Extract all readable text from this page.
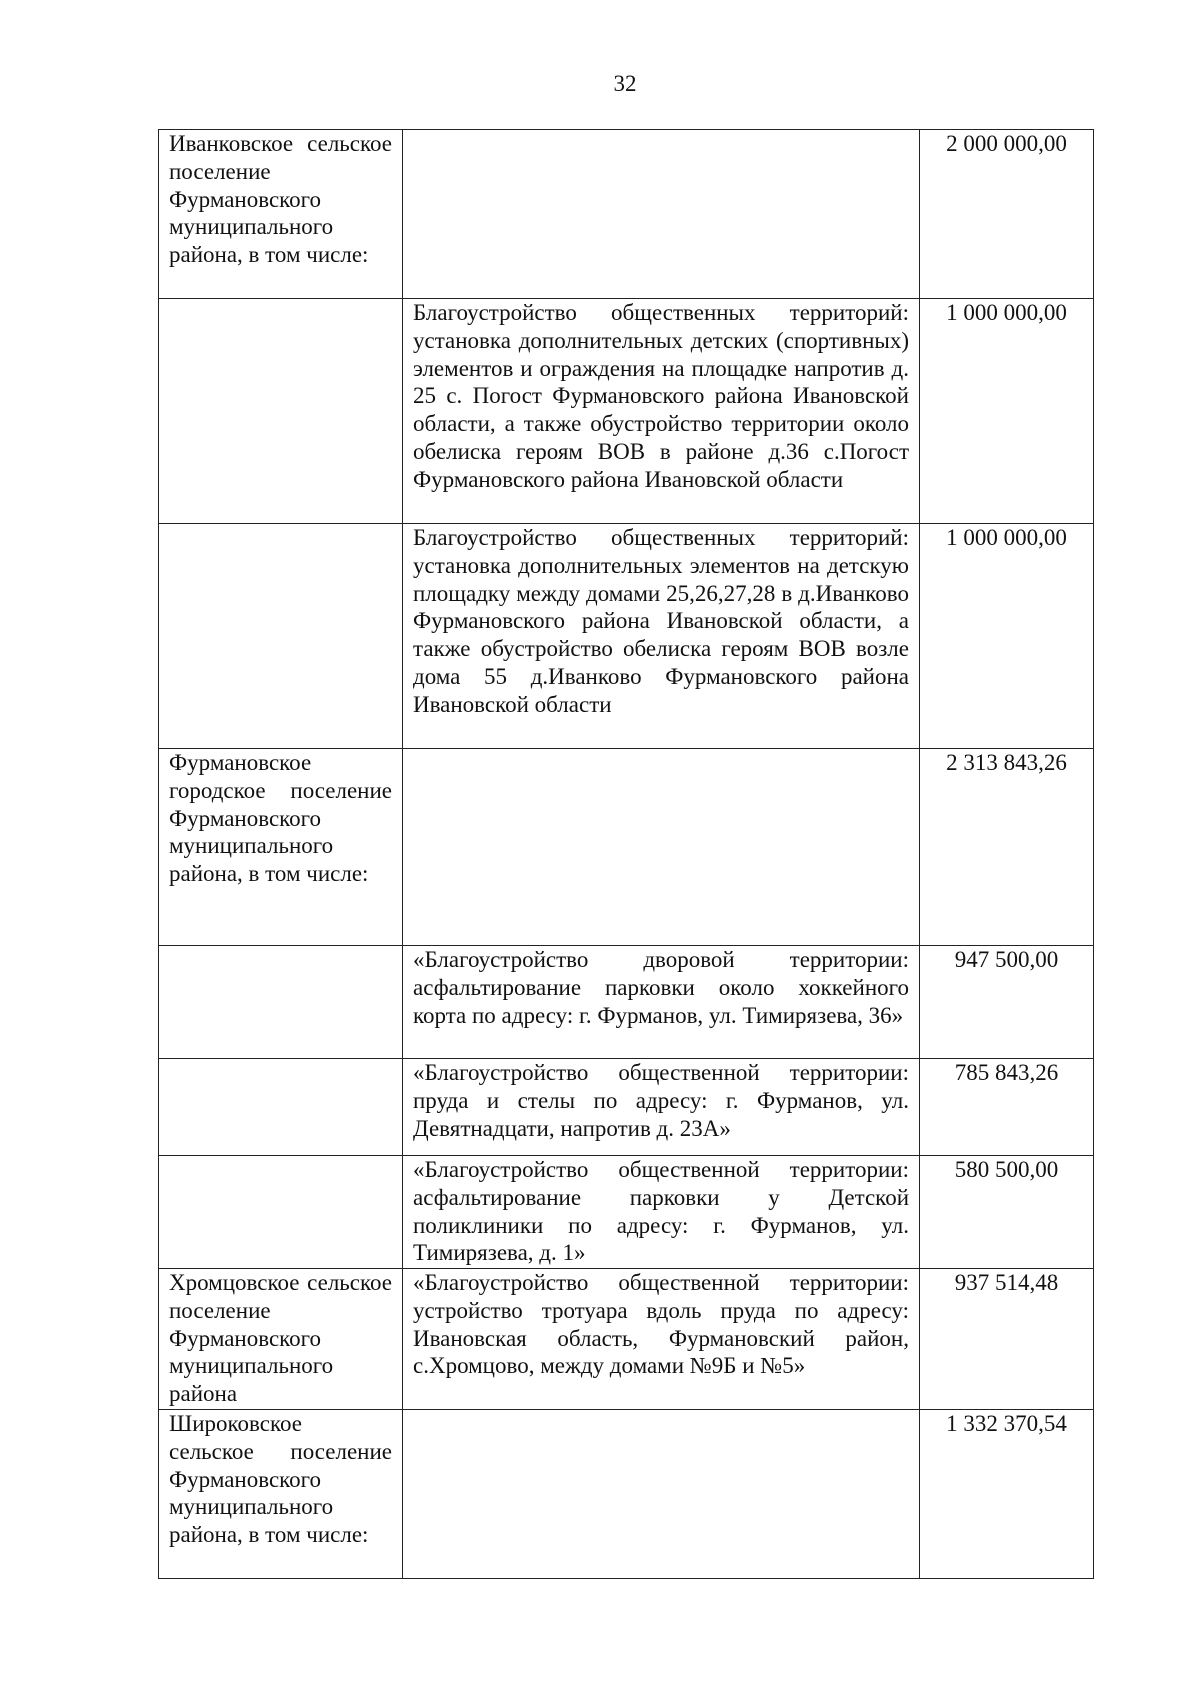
32
Иванковское сельское поселение Фурмановского муниципального района, в том числе:		2 000 000,00
	Благоустройство общественных территорий: установка дополнительных детских (спортивных) элементов и ограждения на площадке напротив д. 25 с. Погост Фурмановского района Ивановской области, а также обустройство территории около обелиска героям ВОВ в районе д.36 с.Погост Фурмановского района Ивановской области	1 000 000,00
	Благоустройство общественных территорий: установка дополнительных элементов на детскую площадку между домами 25,26,27,28 в д.Иванково Фурмановского района Ивановской области, а также обустройство обелиска героям ВОВ возле дома 55 д.Иванково Фурмановского района Ивановской области	1 000 000,00
Фурмановское городское поселение Фурмановского муниципального района, в том числе:		2 313 843,26
	«Благоустройство дворовой территории: асфальтирование парковки около хоккейного корта по адресу: г. Фурманов, ул. Тимирязева, 36»	947 500,00
	«Благоустройство общественной территории: пруда и стелы по адресу: г. Фурманов, ул. Девятнадцати, напротив д. 23А»	785 843,26
	«Благоустройство общественной территории: асфальтирование парковки у Детской поликлиники по адресу: г. Фурманов, ул. Тимирязева, д. 1»	580 500,00
Хромцовское сельское поселение Фурмановского муниципального района	«Благоустройство общественной территории: устройство тротуара вдоль пруда по адресу: Ивановская область, Фурмановский район, с.Хромцово, между домами №9Б и №5»	937 514,48
Широковское сельское поселение Фурмановского муниципального района, в том числе:		1 332 370,54
